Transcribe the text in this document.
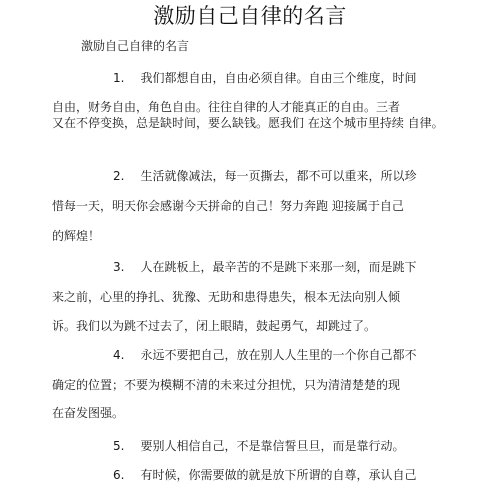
激励自己自律的名言
激励自己自律的名言
1. 我们都想自由，自由必须自律。自由三个维度，时间
自由，财务自由，角色自由。往往自律的人才能真正的自由。三者
又在不停变换，总是缺时间，要么缺钱。愿我们 在这个城市里持续 自律。
2. 生活就像减法，每一页撕去，都不可以重来，所以珍
惜每一天，明天你会感谢今天拼命的自己！努力奔跑 迎接属于自己
的辉煌！
3. 人在跳板上，最辛苦的不是跳下来那一刻，而是跳下
来之前，心里的挣扎、犹豫、无助和患得患失，根本无法向别人倾
诉。我们以为跳不过去了，闭上眼睛，鼓起勇气，却跳过了。
4. 永远不要把自己，放在别人人生里的一个你自己都不
确定的位置；不要为模糊不清的未来过分担忧，只为清清楚楚的现
在奋发图强。
5. 要别人相信自己，不是靠信誓旦旦，而是靠行动。
6. 有时候，你需要做的就是放下所谓的自尊，承认自己
